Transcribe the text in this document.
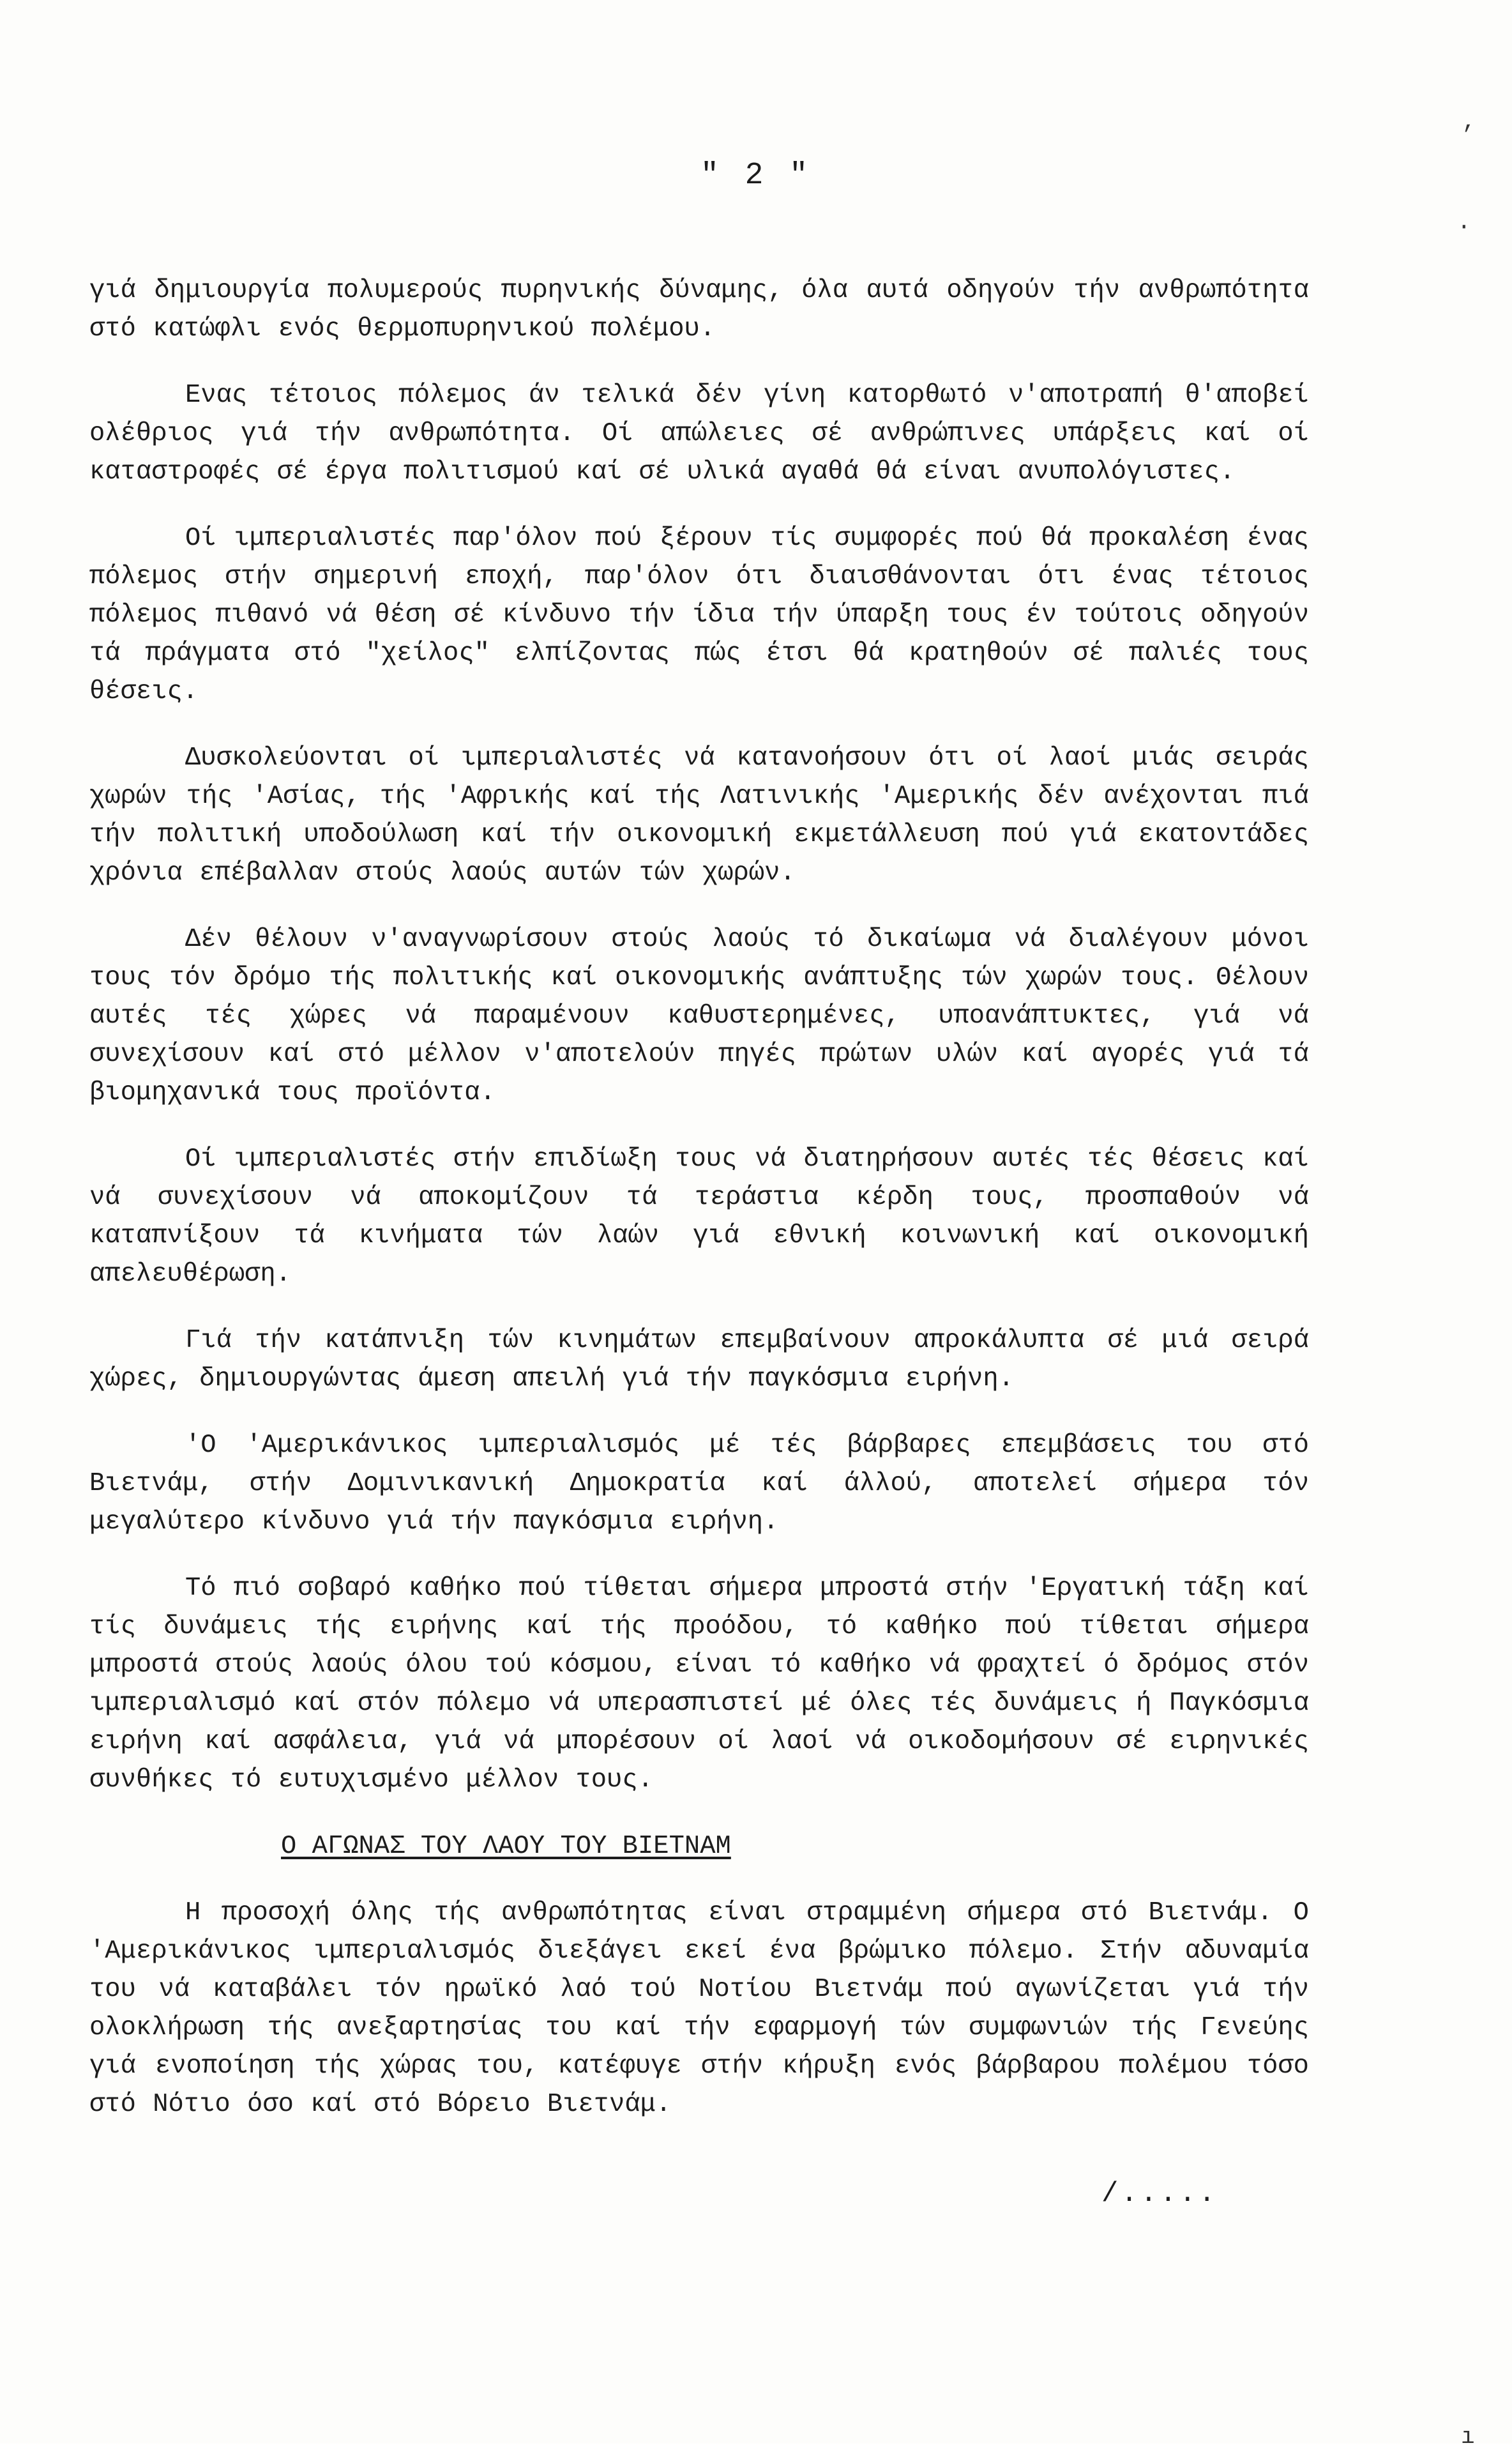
" 2 "
,
·
ı

γιά δημιουργία πολυμερούς πυρηνικής δύναμης, όλα αυτά οδηγούν τήν ανθρωπότητα στό κατώφλι ενός θερμοπυρηνικού πολέμου.

Ενας τέτοιος πόλεμος άν τελικά δέν γίνη κατορθωτό ν'αποτραπή θ'αποβεί ολέθριος γιά τήν ανθρωπότητα. Οί απώλειες σέ ανθρώπινες υπάρξεις καί οί καταστροφές σέ έργα πολιτισμού καί σέ υλικά αγαθά θά είναι ανυπολόγιστες.

Οί ιμπεριαλιστές παρ'όλον πού ξέρουν τίς συμφορές πού θά προκαλέση ένας πόλεμος στήν σημερινή εποχή, παρ'όλον ότι διαισθάνονται ότι ένας τέτοιος πόλεμος πιθανό νά θέση σέ κίνδυνο τήν ίδια τήν ύπαρξη τους έν τούτοις οδηγούν τά πράγματα στό "χείλος" ελπίζοντας πώς έτσι θά κρατηθούν σέ παλιές τους θέσεις.

Δυσκολεύονται οί ιμπεριαλιστές νά κατανοήσουν ότι οί λαοί μιάς σειράς χωρών τής 'Ασίας, τής 'Αφρικής καί τής Λατινικής 'Αμερικής δέν ανέχονται πιά τήν πολιτική υποδούλωση καί τήν οικονομική εκμετάλλευση πού γιά εκατοντάδες χρόνια επέβαλλαν στούς λαούς αυτών τών χωρών.

Δέν θέλουν ν'αναγνωρίσουν στούς λαούς τό δικαίωμα νά διαλέγουν μόνοι τους τόν δρόμο τής πολιτικής καί οικονομικής ανάπτυξης τών χωρών τους. Θέλουν αυτές τές χώρες νά παραμένουν καθυστερημένες, υποανάπτυκτες, γιά νά συνεχίσουν καί στό μέλλον ν'αποτελούν πηγές πρώτων υλών καί αγορές γιά τά βιομηχανικά τους προϊόντα.

Οί ιμπεριαλιστές στήν επιδίωξη τους νά διατηρήσουν αυτές τές θέσεις καί νά συνεχίσουν νά αποκομίζουν τά τεράστια κέρδη τους, προσπαθούν νά καταπνίξουν τά κινήματα τών λαών γιά εθνική κοινωνική καί οικονομική απελευθέρωση.

Γιά τήν κατάπνιξη τών κινημάτων επεμβαίνουν απροκάλυπτα σέ μιά σειρά χώρες, δημιουργώντας άμεση απειλή γιά τήν παγκόσμια ειρήνη.

'Ο 'Αμερικάνικος ιμπεριαλισμός μέ τές βάρβαρες επεμβάσεις του στό Βιετνάμ, στήν Δομινικανική Δημοκρατία καί άλλού, αποτελεί σήμερα τόν μεγαλύτερο κίνδυνο γιά τήν παγκόσμια ειρήνη.

Τό πιό σοβαρό καθήκο πού τίθεται σήμερα μπροστά στήν 'Εργατική τάξη καί τίς δυνάμεις τής ειρήνης καί τής προόδου, τό καθήκο πού τίθεται σήμερα μπροστά στούς λαούς όλου τού κόσμου, είναι τό καθήκο νά φραχτεί ό δρόμος στόν ιμπεριαλισμό καί στόν πόλεμο νά υπερασπιστεί μέ όλες τές δυνάμεις ή Παγκόσμια ειρήνη καί ασφάλεια, γιά νά μπορέσουν οί λαοί νά οικοδομήσουν σέ ειρηνικές συνθήκες τό ευτυχισμένο μέλλον τους.

Ο ΑΓΩΝΑΣ ΤΟΥ ΛΑΟΥ ΤΟΥ ΒΙΕΤΝΑΜ

Η προσοχή όλης τής ανθρωπότητας είναι στραμμένη σήμερα στό Βιετνάμ. Ο 'Αμερικάνικος ιμπεριαλισμός διεξάγει εκεί ένα βρώμικο πόλεμο. Στήν αδυναμία του νά καταβάλει τόν ηρωϊκό λαό τού Νοτίου Βιετνάμ πού αγωνίζεται γιά τήν ολοκλήρωση τής ανεξαρτησίας του καί τήν εφαρμογή τών συμφωνιών τής Γενεύης γιά ενοποίηση τής χώρας του, κατέφυγε στήν κήρυξη ενός βάρβαρου πολέμου τόσο στό Νότιο όσο καί στό Βόρειο Βιετνάμ.

/.....
